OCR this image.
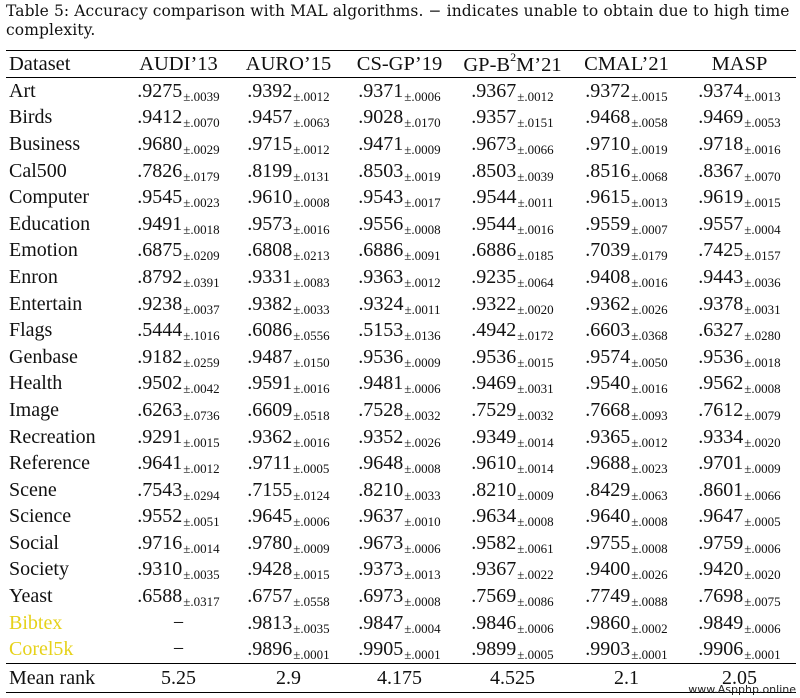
Table 5: Accuracy comparison with MAL algorithms. − indicates unable to obtain due to high time complexity.
Dataset	AUDI’13	AURO’15	CS-GP’19	$GP-B^2M’21$	CMAL’21	MASP
Art	$.9275_{\pm.0039}$	$.9392_{\pm.0012}$	$.9371_{\pm.0006}$	$.9367_{\pm.0012}$	$.9372_{\pm.0015}$	$.9374_{\pm.0013}$
Birds	$.9412_{\pm.0070}$	$.9457_{\pm.0063}$	$.9028_{\pm.0170}$	$.9357_{\pm.0151}$	$.9468_{\pm.0058}$	$.9469_{\pm.0053}$
Business	$.9680_{\pm.0029}$	$.9715_{\pm.0012}$	$.9471_{\pm.0009}$	$.9673_{\pm.0066}$	$.9710_{\pm.0019}$	$.9718_{\pm.0016}$
Cal500	$.7826_{\pm.0179}$	$.8199_{\pm.0131}$	$.8503_{\pm.0019}$	$.8503_{\pm.0039}$	$.8516_{\pm.0068}$	$.8367_{\pm.0070}$
Computer	$.9545_{\pm.0023}$	$.9610_{\pm.0008}$	$.9543_{\pm.0017}$	$.9544_{\pm.0011}$	$.9615_{\pm.0013}$	$.9619_{\pm.0015}$
Education	$.9491_{\pm.0018}$	$.9573_{\pm.0016}$	$.9556_{\pm.0008}$	$.9544_{\pm.0016}$	$.9559_{\pm.0007}$	$.9557_{\pm.0004}$
Emotion	$.6875_{\pm.0209}$	$.6808_{\pm.0213}$	$.6886_{\pm.0091}$	$.6886_{\pm.0185}$	$.7039_{\pm.0179}$	$.7425_{\pm.0157}$
Enron	$.8792_{\pm.0391}$	$.9331_{\pm.0083}$	$.9363_{\pm.0012}$	$.9235_{\pm.0064}$	$.9408_{\pm.0016}$	$.9443_{\pm.0036}$
Entertain	$.9238_{\pm.0037}$	$.9382_{\pm.0033}$	$.9324_{\pm.0011}$	$.9322_{\pm.0020}$	$.9362_{\pm.0026}$	$.9378_{\pm.0031}$
Flags	$.5444_{\pm.1016}$	$.6086_{\pm.0556}$	$.5153_{\pm.0136}$	$.4942_{\pm.0172}$	$.6603_{\pm.0368}$	$.6327_{\pm.0280}$
Genbase	$.9182_{\pm.0259}$	$.9487_{\pm.0150}$	$.9536_{\pm.0009}$	$.9536_{\pm.0015}$	$.9574_{\pm.0050}$	$.9536_{\pm.0018}$
Health	$.9502_{\pm.0042}$	$.9591_{\pm.0016}$	$.9481_{\pm.0006}$	$.9469_{\pm.0031}$	$.9540_{\pm.0016}$	$.9562_{\pm.0008}$
Image	$.6263_{\pm.0736}$	$.6609_{\pm.0518}$	$.7528_{\pm.0032}$	$.7529_{\pm.0032}$	$.7668_{\pm.0093}$	$.7612_{\pm.0079}$
Recreation	$.9291_{\pm.0015}$	$.9362_{\pm.0016}$	$.9352_{\pm.0026}$	$.9349_{\pm.0014}$	$.9365_{\pm.0012}$	$.9334_{\pm.0020}$
Reference	$.9641_{\pm.0012}$	$.9711_{\pm.0005}$	$.9648_{\pm.0008}$	$.9610_{\pm.0014}$	$.9688_{\pm.0023}$	$.9701_{\pm.0009}$
Scene	$.7543_{\pm.0294}$	$.7155_{\pm.0124}$	$.8210_{\pm.0033}$	$.8210_{\pm.0009}$	$.8429_{\pm.0063}$	$.8601_{\pm.0066}$
Science	$.9552_{\pm.0051}$	$.9645_{\pm.0006}$	$.9637_{\pm.0010}$	$.9634_{\pm.0008}$	$.9640_{\pm.0008}$	$.9647_{\pm.0005}$
Social	$.9716_{\pm.0014}$	$.9780_{\pm.0009}$	$.9673_{\pm.0006}$	$.9582_{\pm.0061}$	$.9755_{\pm.0008}$	$.9759_{\pm.0006}$
Society	$.9310_{\pm.0035}$	$.9428_{\pm.0015}$	$.9373_{\pm.0013}$	$.9367_{\pm.0022}$	$.9400_{\pm.0026}$	$.9420_{\pm.0020}$
Yeast	$.6588_{\pm.0317}$	$.6757_{\pm.0558}$	$.6973_{\pm.0008}$	$.7569_{\pm.0086}$	$.7749_{\pm.0088}$	$.7698_{\pm.0075}$
Bibtex	−	$.9813_{\pm.0035}$	$.9847_{\pm.0004}$	$.9846_{\pm.0006}$	$.9860_{\pm.0002}$	$.9849_{\pm.0006}$
Corel5k	−	$.9896_{\pm.0001}$	$.9905_{\pm.0001}$	$.9899_{\pm.0005}$	$.9903_{\pm.0001}$	$.9906_{\pm.0001}$
Mean rank	5.25	2.9	4.175	4.525	2.1	2.05
www.Aspphp.online
